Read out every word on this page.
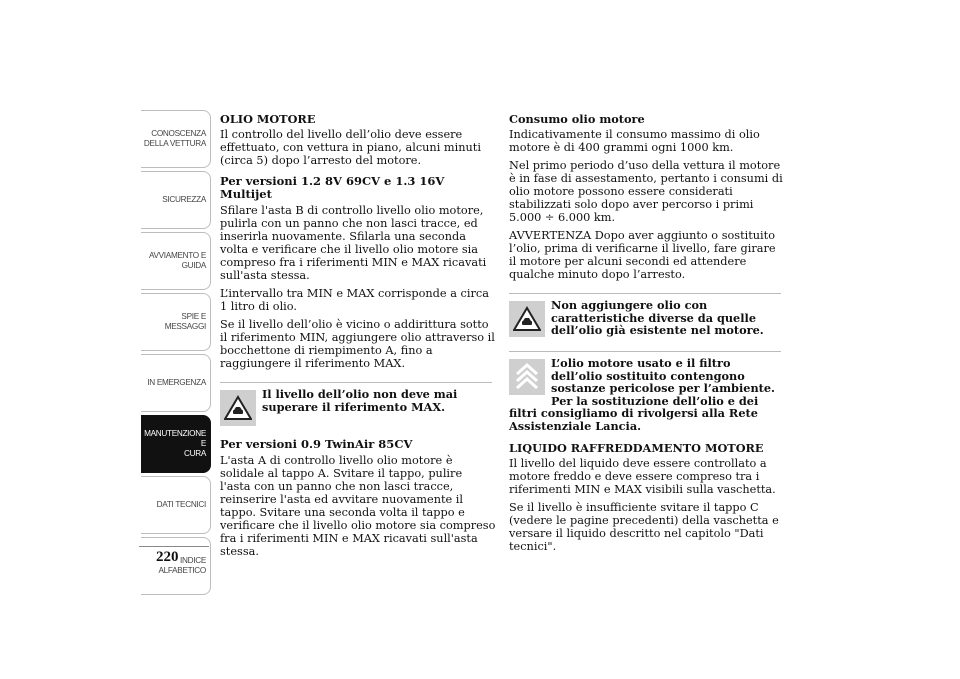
CONOSCENZA
DELLA VETTURA
SICUREZZA
AVVIAMENTO E
GUIDA
SPIE E MESSAGGI
IN EMERGENZA
MANUTENZIONE E
CURA
DATI TECNICI
INDICE
ALFABETICO
220
OLIO MOTORE

Il controllo del livello dell’olio deve essere effettuato, con vettura in piano, alcuni minuti (circa 5) dopo l’arresto del motore.

Per versioni 1.2 8V 69CV e 1.3 16V Multijet

Sfilare l'asta B di controllo livello olio motore, pulirla con un panno che non lasci tracce, ed inserirla nuovamente. Sfilarla una seconda volta e verificare che il livello olio motore sia compreso fra i riferimenti MIN e MAX ricavati sull'asta stessa.

L’intervallo tra MIN e MAX corrisponde a circa 1 litro di olio.

Se il livello dell’olio è vicino o addirittura sotto il riferimento MIN, aggiungere olio attraverso il bocchettone di riempimento A, fino a raggiungere il riferimento MAX.

Il livello dell’olio non deve mai superare il riferimento MAX.
Per versioni 0.9 TwinAir 85CV

L'asta A di controllo livello olio motore è solidale al tappo A. Svitare il tappo, pulire l'asta con un panno che non lasci tracce, reinserire l'asta ed avvitare nuovamente il tappo. Svitare una seconda volta il tappo e verificare che il livello olio motore sia compreso fra i riferimenti MIN e MAX ricavati sull'asta stessa.

Consumo olio motore

Indicativamente il consumo massimo di olio motore è di 400 grammi ogni 1000 km.

Nel primo periodo d’uso della vettura il motore è in fase di assestamento, pertanto i consumi di olio motore possono essere considerati stabilizzati solo dopo aver percorso i primi 5.000 ÷ 6.000 km.

AVVERTENZA Dopo aver aggiunto o sostituito l’olio, prima di verificarne il livello, fare girare il motore per alcuni secondi ed attendere qualche minuto dopo l’arresto.

Non aggiungere olio con caratteristiche diverse da quelle dell’olio già esistente nel motore.
L’olio motore usato e il filtro dell’olio sostituito contengono sostanze pericolose per l’ambiente. Per la sostituzione dell’olio e dei filtri consigliamo di rivolgersi alla Rete Assistenziale Lancia.
LIQUIDO RAFFREDDAMENTO MOTORE

Il livello del liquido deve essere controllato a motore freddo e deve essere compreso tra i riferimenti MIN e MAX visibili sulla vaschetta.

Se il livello è insufficiente svitare il tappo C (vedere le pagine precedenti) della vaschetta e versare il liquido descritto nel capitolo "Dati tecnici".
